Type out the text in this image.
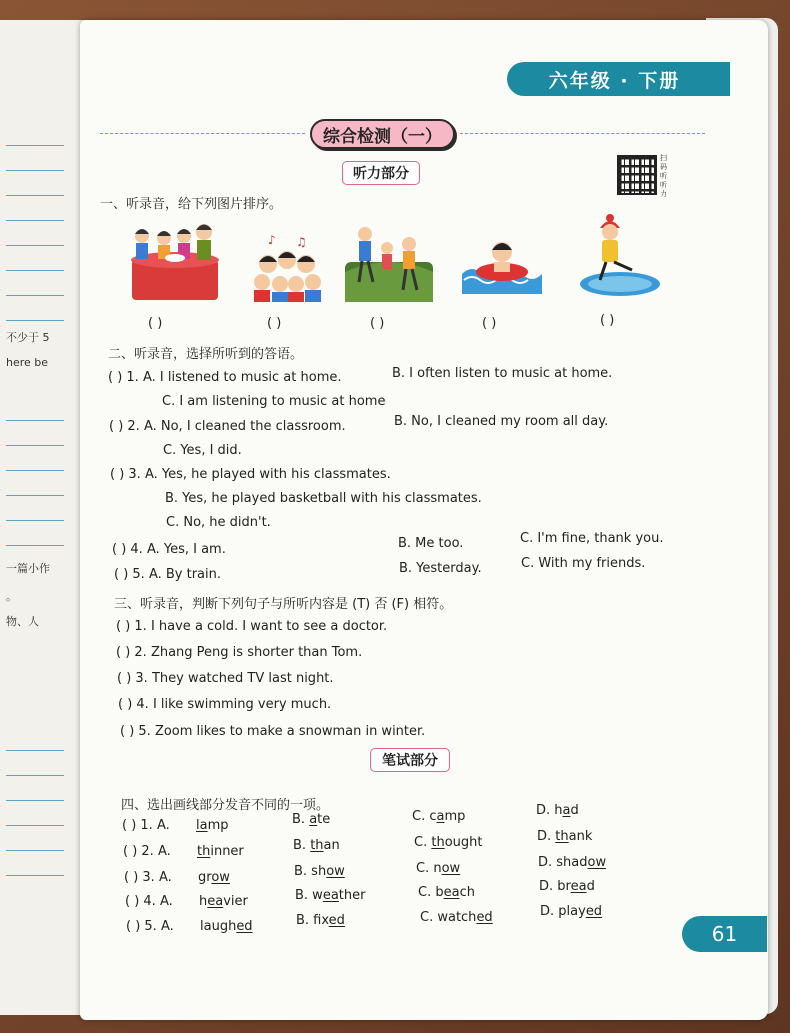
不少于 5
here be
一篇小作
。
物、人
六年级 · 下册
综合检测（一）
听力部分
扫码听听力
一、听录音，给下列图片排序。
♪ ♫
( )	( )	( )	( )	( )
二、听录音，选择所听到的答语。
( ) 1. A. I listened to music at home.	B. I often listen to music at home.
C. I am listening to music at home
( ) 2. A. No, I cleaned the classroom.	B. No, I cleaned my room all day.
C. Yes, I did.
( ) 3. A. Yes, he played with his classmates.
B. Yes, he played basketball with his classmates.
C. No, he didn't.
( ) 4. A. Yes, I am.	B. Me too.	C. I'm fine, thank you.
( ) 5. A. By train.	B. Yesterday.	C. With my friends.
三、听录音，判断下列句子与所听内容是 (T) 否 (F) 相符。
( ) 1. I have a cold. I want to see a doctor.
( ) 2. Zhang Peng is shorter than Tom.
( ) 3. They watched TV last night.
( ) 4. I like swimming very much.
( ) 5. Zoom likes to make a snowman in winter.
笔试部分
四、选出画线部分发音不同的一项。
( ) 1. A. lamp	B. ate	C. camp	D. had
( ) 2. A. thinner	B. than	C. thought	D. thank
( ) 3. A. grow	B. show	C. now	D. shadow
( ) 4. A. heavier	B. weather	C. beach	D. bread
( ) 5. A. laughed	B. fixed	C. watched	D. played
61
